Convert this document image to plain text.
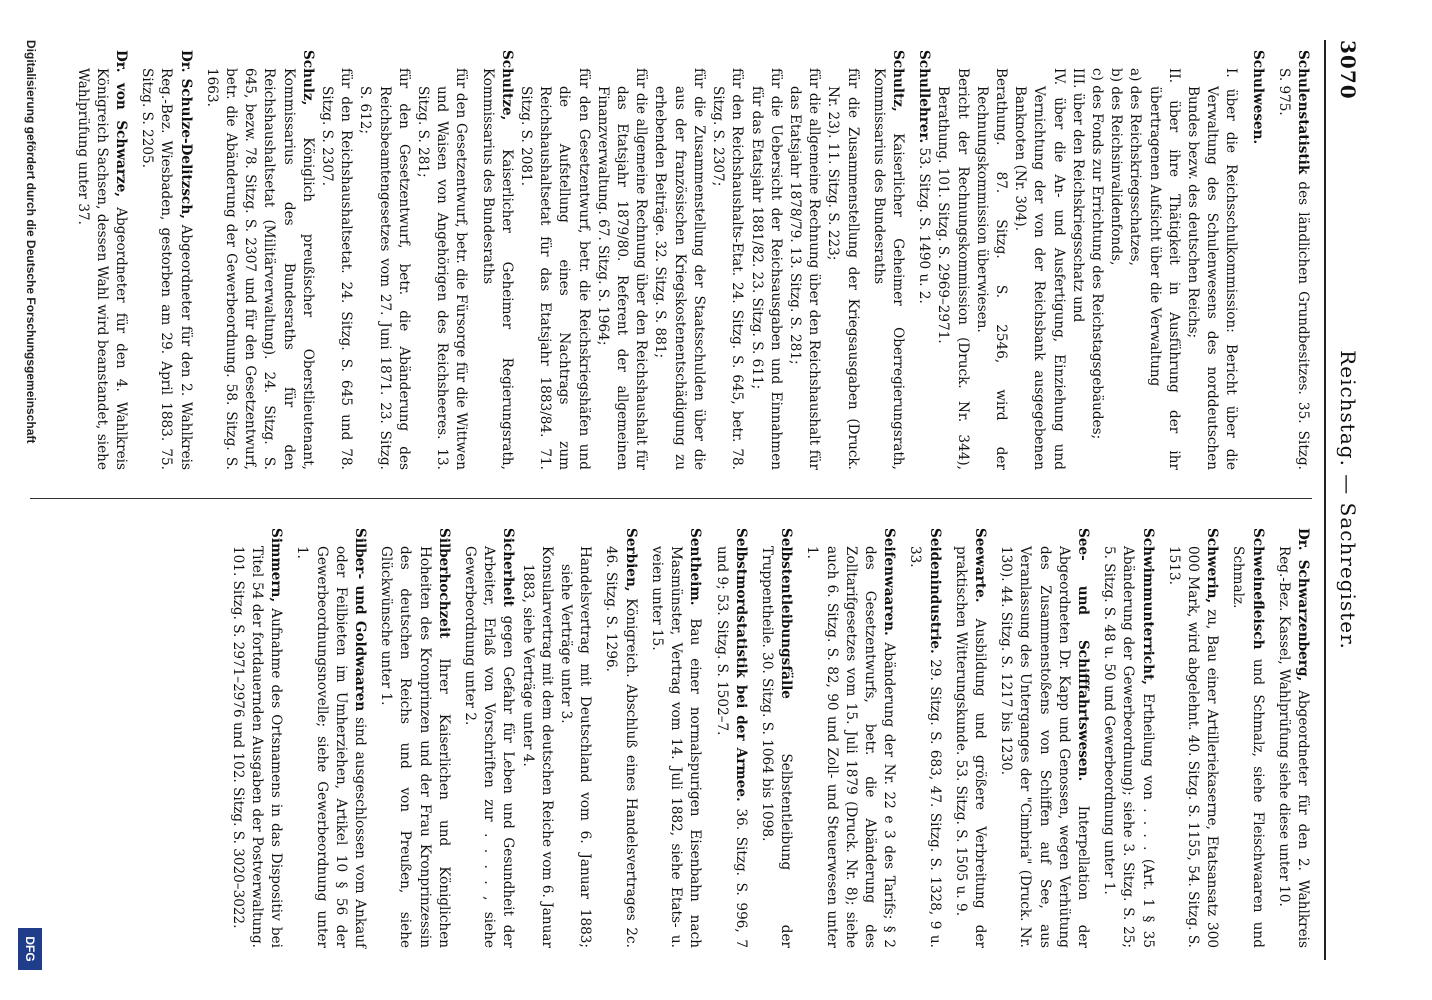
3070
Reichstag. — Sachregister.

Schulenstatistik des ländlichen Grundbesitzes. 35. Sitzg. S. 975.

Schulwesen.

I. über die Reichsschulkommission: Bericht über die Verwaltung des Schulenwesens des norddeutschen Bundes bezw. des deutschen Reichs;

II. über ihre Thätigkeit in Ausführung der ihr übertragenen Aufsicht über die Verwaltung

a) des Reichskriegsschatzes,

b) des Reichsinvalidenfonds,

c) des Fonds zur Errichtung des Reichstagsgebäudes;

III. über den Reichskriegsschatz und

IV. über die An- und Ausfertigung, Einziehung und Vernichtung der von der Reichsbank ausgegebenen Banknoten (Nr. 304).

Berathung. 87. Sitzg. S. 2546, wird der Rechnungskommission überwiesen.

Bericht der Rechnungskommission (Druck. Nr. 344), Berathung. 101. Sitzg. S. 2969–2971.

Schullehrer. 53. Sitzg. S. 1490 u. 2.

Schultz, Kaiserlicher Geheimer Oberregierungsrath, Kommissarius des Bundesraths

für die Zusammenstellung der Kriegsausgaben (Druck. Nr. 23). 11. Sitzg. S. 223;

für die allgemeine Rechnung über den Reichshaushalt für das Etatsjahr 1878/79. 13. Sitzg. S. 281;

für die Uebersicht der Reichsausgaben und Einnahmen für das Etatsjahr 1881/82. 23. Sitzg. S. 611;

für den Reichshaushalts-Etat. 24. Sitzg. S. 645, betr. 78. Sitzg. S. 2307;

für die Zusammenstellung der Staatsschulden über die aus der französischen Kriegskostenentschädigung zu erhebenden Beiträge. 32. Sitzg. S. 881;

für die allgemeine Rechnung über den Reichshaushalt für das Etatsjahr 1879/80. Referent der allgemeinen Finanzverwaltung. 67. Sitzg. S. 1964;

für den Gesetzentwurf, betr. die Reichskriegshäfen und die Aufstellung eines Nachtrags zum Reichshaushaltsetat für das Etatsjahr 1883/84. 71. Sitzg. S. 2081.

Schultze, Kaiserlicher Geheimer Regierungsrath, Kommissarius des Bundesraths

für den Gesetzentwurf, betr. die Fürsorge für die Wittwen und Waisen von Angehörigen des Reichsheeres. 13. Sitzg. S. 281;

für den Gesetzentwurf, betr. die Abänderung des Reichsbeamtengesetzes vom 27. Juni 1871. 23. Sitzg. S. 612;

für den Reichshaushaltsetat. 24. Sitzg. S. 645 und 78. Sitzg. S. 2307.

Schulz, Königlich preußischer Oberstlieutenant, Kommissarius des Bundesraths für den Reichshaushaltsetat (Militärverwaltung). 24. Sitzg. S. 645, bezw. 78. Sitzg. S. 2307 und für den Gesetzentwurf, betr. die Abänderung der Gewerbeordnung. 58. Sitzg. S. 1663.

Dr. Schulze-Delitzsch, Abgeordneter für den 2. Wahlkreis Reg.-Bez. Wiesbaden, gestorben am 29. April 1883. 75. Sitzg. S. 2205.

Dr. von Schwarze, Abgeordneter für den 4. Wahlkreis Königreich Sachsen, dessen Wahl wird beanstandet, siehe Wahlprüfung unter 37.

Dr. Schwarzenberg, Abgeordneter für den 2. Wahlkreis Reg.-Bez. Kassel, Wahlprüfung siehe diese unter 10.

Schweinefleisch und Schmalz, siehe Fleischwaaren und Schmalz.

Schwerin, zu, Bau einer Artilleriekaserne, Etatsansatz 300 000 Mark, wird abgelehnt. 40. Sitzg. S. 1155, 54. Sitzg. S. 1513.

Schwimmunterricht, Ertheilung von . . . . (Art. 1 § 35 Abänderung der Gewerbeordnung); siehe 3. Sitzg. S. 25; 5. Sitzg. S. 48 u. 50 und Gewerbeordnung unter 1.

See- und Schifffahrtswesen. Interpellation der Abgeordneten Dr. Kapp und Genossen, wegen Verhütung des Zusammenstoßens von Schiffen auf See, aus Veranlassung des Unterganges der "Cimbria" (Druck. Nr. 130). 44. Sitzg. S. 1217 bis 1230.

Seewarte. Ausbildung und größere Verbreitung der praktischen Witterungskunde. 53. Sitzg. S. 1505 u. 9.

Seidenindustrie. 29. Sitzg. S. 683, 47. Sitzg. S. 1328, 9 u. 33.

Seifenwaaren. Abänderung der Nr. 22 e 3 des Tarifs; § 2 des Gesetzentwurfs, betr. die Abänderung des Zolltarifgesetzes vom 15. Juli 1879 (Druck. Nr. 8); siehe auch 6. Sitzg. S. 82, 90 und Zoll- und Steuerwesen unter 1.

Selbstentleibungsfälle Selbstentleibung der Truppentheile. 30. Sitzg. S. 1064 bis 1098.

Selbstmordstatistik bei der Armee. 36. Sitzg. S. 996, 7 und 9; 53. Sitzg. S. 1502–7.

Sentheim. Bau einer normalspurigen Eisenbahn nach Masmünster, Vertrag vom 14. Juli 1882, siehe Etats- u. veien unter 15.

Serbien, Königreich. Abschluß eines Handelsvertrages 2c. 46. Sitzg. S. 1296.

Handelsvertrag mit Deutschland vom 6. Januar 1883; siehe Verträge unter 3.

Konsularvertrag mit dem deutschen Reiche vom 6. Januar 1883, siehe Verträge unter 4.

Sicherheit gegen Gefahr für Leben und Gesundheit der Arbeiter, Erlaß von Vorschriften zur . . . . , siehe Gewerbeordnung unter 2.

Silberhochzeit Ihrer Kaiserlichen und Königlichen Hoheiten des Kronprinzen und der Frau Kronprinzessin des deutschen Reichs und von Preußen, siehe Glückwünsche unter 1.

Silber- und Goldwaaren sind ausgeschlossen vom Ankauf oder Feilbieten im Umherziehen, Artikel 10 § 56 der Gewerbeordnungsnovelle; siehe Gewerbeordnung unter 1.

Simmern, Aufnahme des Ortsnamens in das Dispositiv bei Titel 54 der fortdauernden Ausgaben der Postverwaltung. 101. Sitzg. S. 2971–2976 und 102. Sitzg. S. 3020–3022.

Digitalisierung gefördert durch die Deutsche Forschungsgemeinschaft
DFG
